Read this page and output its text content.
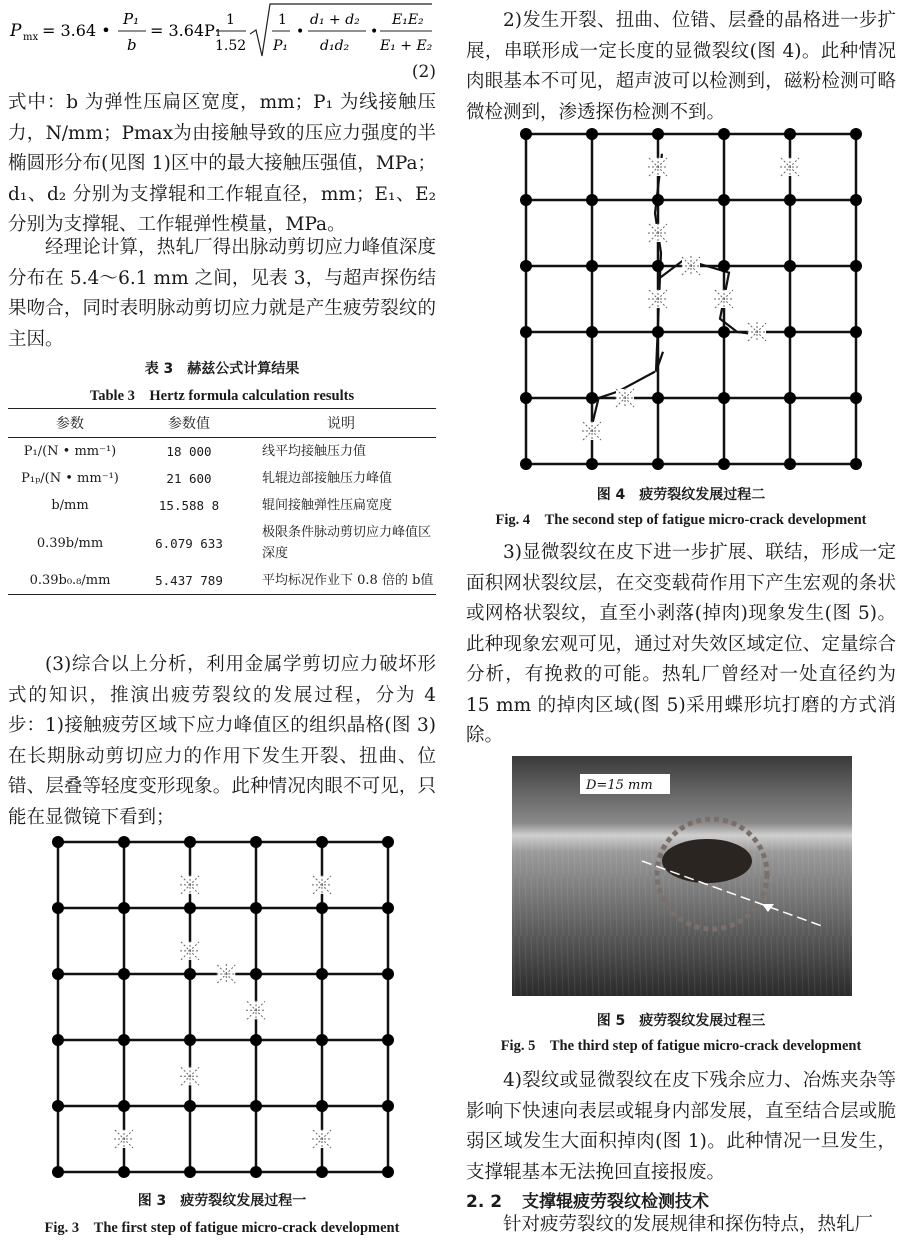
P mx = 3.64 •
P₁
b
= 3.64P₁
1
1.52
1
P₁
•
d₁ + d₂
d₁d₂
•
E₁E₂
E₁ + E₂
(2)
式中：b 为弹性压扁区宽度，mm；P₁ 为线接触压力，N/mm；Pmax为由接触导致的压应力强度的半椭圆形分布(见图 1)区中的最大接触压强值，MPa；d₁、d₂ 分别为支撑辊和工作辊直径，mm；E₁、E₂ 分别为支撑辊、工作辊弹性模量，MPa。
经理论计算，热轧厂得出脉动剪切应力峰值深度分布在 5.4～6.1 mm 之间，见表 3，与超声探伤结果吻合，同时表明脉动剪切应力就是产生疲劳裂纹的主因。
表 3　赫兹公式计算结果
Table 3　Hertz formula calculation results
参数	参数值	说明
P₁/(N • mm⁻¹)	18 000	线平均接触压力值
P₁ₚ/(N • mm⁻¹)	21 600	轧辊边部接触压力峰值
b/mm	15.588 8	辊间接触弹性压扁宽度
0.39b/mm	6.079 633	极限条件脉动剪切应力峰值区深度
0.39b₀.₈/mm	5.437 789	平均标况作业下 0.8 倍的 b值
(3)综合以上分析，利用金属学剪切应力破坏形式的知识，推演出疲劳裂纹的发展过程，分为 4 步： 1)接触疲劳区域下应力峰值区的组织晶格(图 3)在长期脉动剪切应力的作用下发生开裂、扭曲、位错、层叠等轻度变形现象。此种情况肉眼不可见，只能在显微镜下看到；
图 3　疲劳裂纹发展过程一
Fig. 3　The first step of fatigue micro-crack development
2)发生开裂、扭曲、位错、层叠的晶格进一步扩展，串联形成一定长度的显微裂纹(图 4)。此种情况肉眼基本不可见，超声波可以检测到，磁粉检测可略微检测到，渗透探伤检测不到。
图 4　疲劳裂纹发展过程二
Fig. 4　The second step of fatigue micro-crack development
3)显微裂纹在皮下进一步扩展、联结，形成一定面积网状裂纹层，在交变载荷作用下产生宏观的条状或网格状裂纹，直至小剥落(掉肉)现象发生(图 5)。此种现象宏观可见，通过对失效区域定位、定量综合分析，有挽救的可能。热轧厂曾经对一处直径约为 15 mm 的掉肉区域(图 5)采用蝶形坑打磨的方式消除。
D=15 mm
图 5　疲劳裂纹发展过程三
Fig. 5　The third step of fatigue micro-crack development
4)裂纹或显微裂纹在皮下残余应力、冶炼夹杂等影响下快速向表层或辊身内部发展，直至结合层或脆弱区域发生大面积掉肉(图 1)。此种情况一旦发生，支撑辊基本无法挽回直接报废。
2. 2 支撑辊疲劳裂纹检测技术
针对疲劳裂纹的发展规律和探伤特点，热轧厂
